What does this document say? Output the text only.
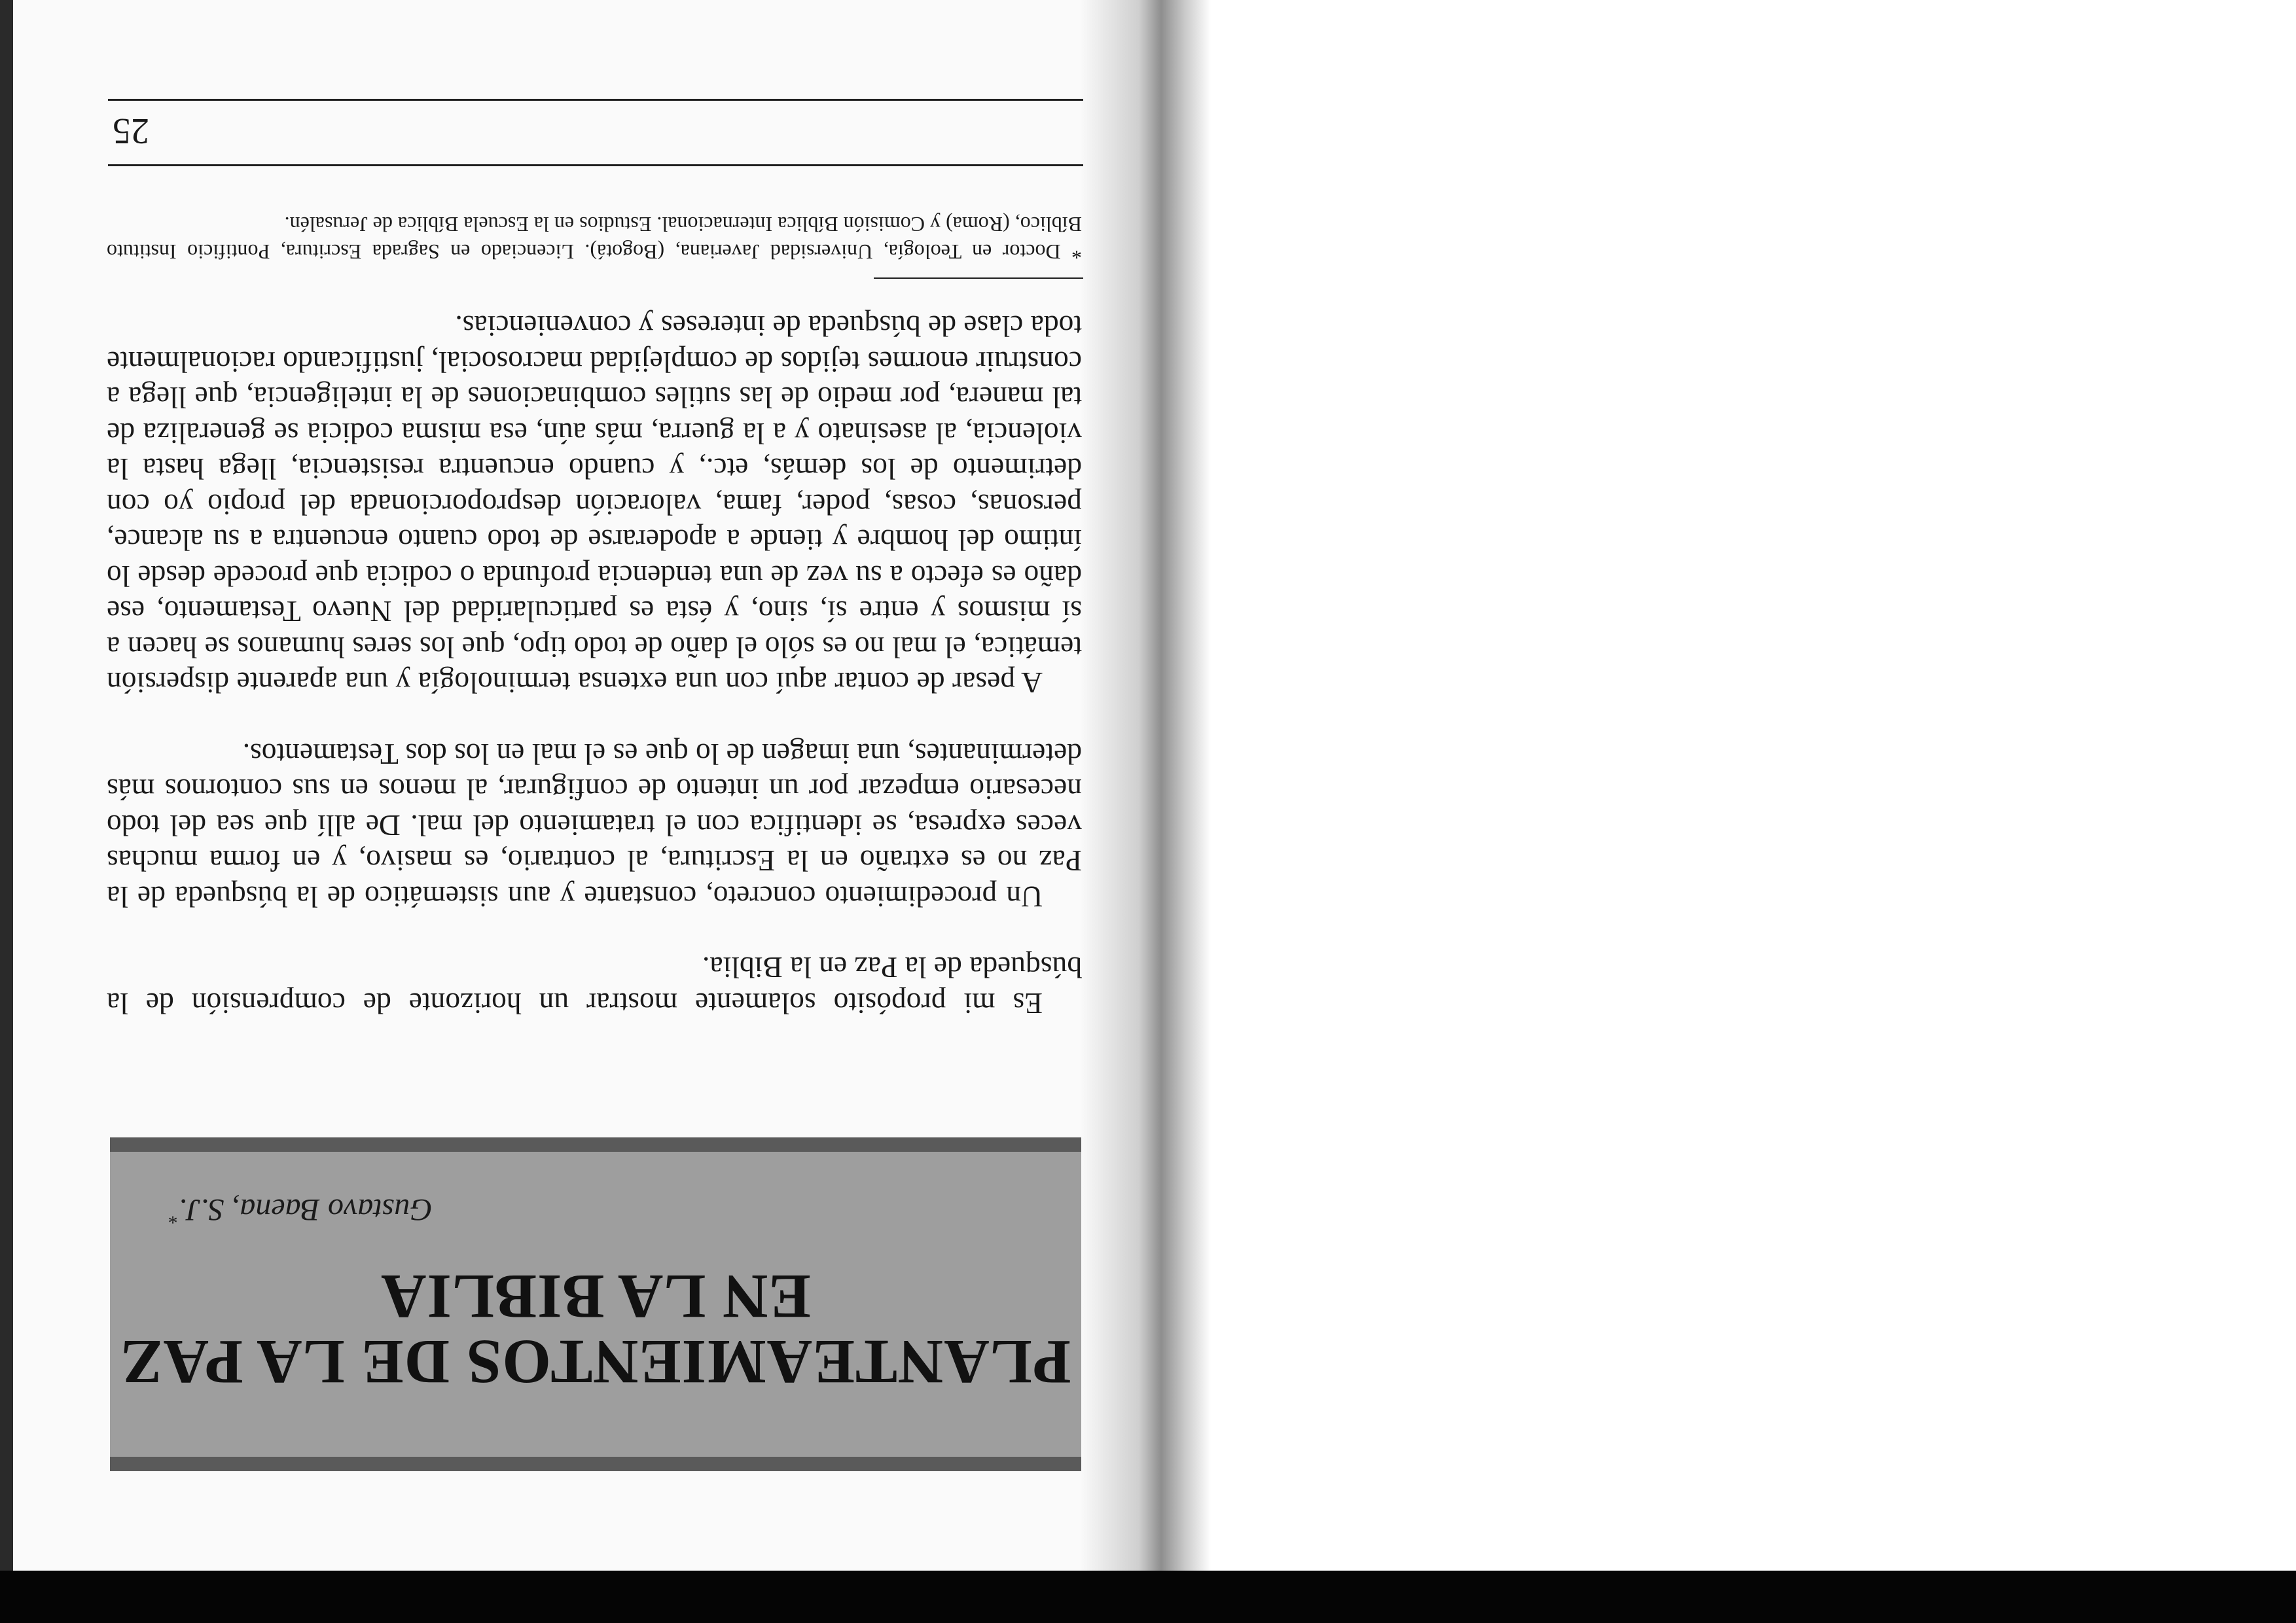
25

Es mi propósito solamente mostrar un horizonte de comprensión de la búsqueda de la Paz en la Biblia.

Un procedimiento concreto, constante y aun sistemático de la búsqueda de la Paz no es extraño en la Escritura, al contrario, es masivo, y en forma muchas veces expresa, se identifica con el tratamiento del mal. De allí que sea del todo necesario empezar por un intento de configurar, al menos en sus contornos más determinantes, una imagen de lo que es el mal en los dos Testamentos.

A pesar de contar aquí con una extensa terminología y una aparente dispersión temática, el mal no es sólo el daño de todo tipo, que los seres humanos se hacen a sí mismos y entre sí, sino, y ésta es particularidad del Nuevo Testamento, ese daño es efecto a su vez de una tendencia profunda o codicia que procede desde lo íntimo del hombre y tiende a apoderarse de todo cuanto encuentra a su alcance, personas, cosas, poder, fama, valoración desproporcionada del propio yo con detrimento de los demás, etc., y cuando encuentra resistencia, llega hasta la violencia, al asesinato y a la guerra, más aún, esa misma codicia se generaliza de tal manera, por medio de las sutiles combinaciones de la inteligencia, que llega a construir enormes tejidos de complejidad macrosocial, justificando racionalmente toda clase de búsqueda de intereses y conveniencias.

PLANTEAMIENTOS DE LA PAZ
EN LA BIBLIA
Gustavo Baena, S.J.*

* Doctor en Teología, Universidad Javeriana, (Bogotá). Licenciado en Sagrada Escritura, Pontificio Instituto Bíblico, (Roma) y Comisión Bíblica Internacional. Estudios en la Escuela Bíblica de Jerusalén.
